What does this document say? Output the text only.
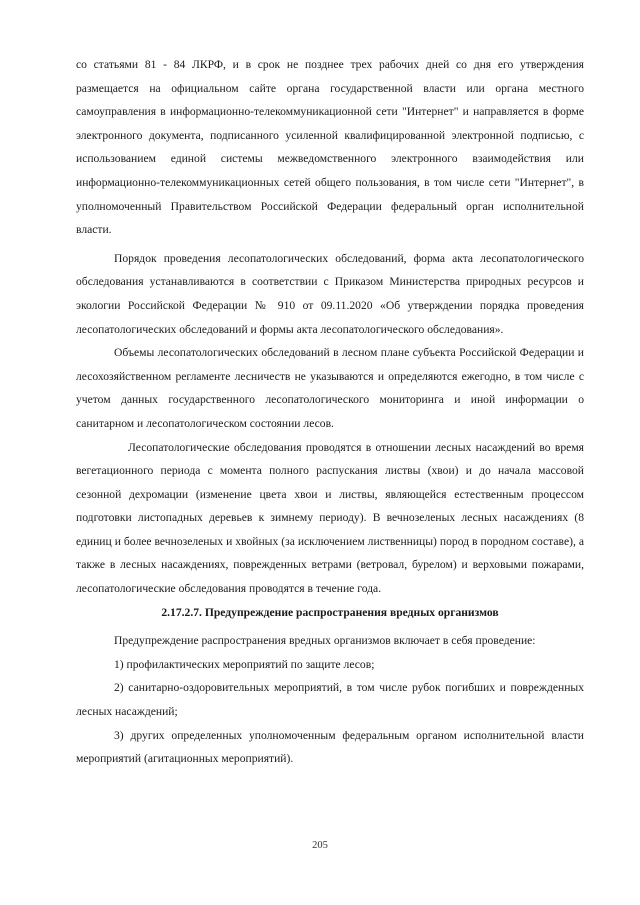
со статьями 81 - 84 ЛКРФ, и в срок не позднее трех рабочих дней со дня его утверждения размещается на официальном сайте органа государственной власти или органа местного самоуправления в информационно-телекоммуникационной сети "Интернет" и направляется в форме электронного документа, подписанного усиленной квалифицированной электронной подписью, с использованием единой системы межведомственного электронного взаимодействия или информационно-телекоммуникационных сетей общего пользования, в том числе сети "Интернет", в уполномоченный Правительством Российской Федерации федеральный орган исполнительной власти.

Порядок проведения лесопатологических обследований, форма акта лесопатологического обследования устанавливаются в соответствии с Приказом Министерства природных ресурсов и экологии Российской Федерации № 910 от 09.11.2020 «Об утверждении порядка проведения лесопатологических обследований и формы акта лесопатологического обследования».

Объемы лесопатологических обследований в лесном плане субъекта Российской Федерации и лесохозяйственном регламенте лесничеств не указываются и определяются ежегодно, в том числе с учетом данных государственного лесопатологического мониторинга и иной информации о санитарном и лесопатологическом состоянии лесов.

Лесопатологические обследования проводятся в отношении лесных насаждений во время вегетационного периода с момента полного распускания листвы (хвои) и до начала массовой сезонной дехромации (изменение цвета хвои и листвы, являющейся естественным процессом подготовки листопадных деревьев к зимнему периоду). В вечнозеленых лесных насаждениях (8 единиц и более вечнозеленых и хвойных (за исключением лиственницы) пород в породном составе), а также в лесных насаждениях, поврежденных ветрами (ветровал, бурелом) и верховыми пожарами, лесопатологические обследования проводятся в течение года.

2.17.2.7. Предупреждение распространения вредных организмов

Предупреждение распространения вредных организмов включает в себя проведение:

1) профилактических мероприятий по защите лесов;

2) санитарно-оздоровительных мероприятий, в том числе рубок погибших и поврежденных лесных насаждений;

3) других определенных уполномоченным федеральным органом исполнительной власти мероприятий (агитационных мероприятий).

205
